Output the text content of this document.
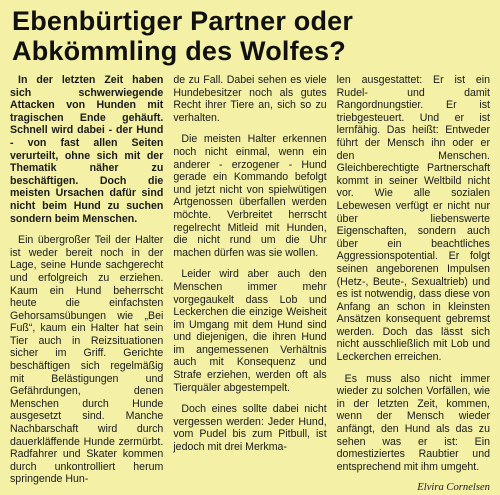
Ebenbürtiger Partner oder
Abkömmling des Wolfes?

In der letzten Zeit haben sich schwerwiegende Attacken von Hunden mit tragischen Ende gehäuft. Schnell wird dabei - der Hund - von fast allen Seiten verurteilt, ohne sich mit der Thematik näher zu beschäftigen. Doch die meisten Ursachen dafür sind nicht beim Hund zu suchen sondern beim Menschen.

Ein übergroßer Teil der Halter ist weder bereit noch in der Lage, seine Hunde sachgerecht und erfolgreich zu erziehen. Kaum ein Hund beherrscht heute die einfachsten Gehorsamsübungen wie „Bei Fuß“, kaum ein Halter hat sein Tier auch in Reizsituationen sicher im Griff. Gerichte beschäftigen sich regelmäßig mit Belästigungen und Gefährdungen, denen Menschen durch Hunde ausgesetzt sind. Manche Nachbarschaft wird durch dauerkläffende Hunde zermürbt. Radfahrer und Skater kommen durch unkontrolliert herum springende Hun-

de zu Fall. Dabei sehen es viele Hundebesitzer noch als gutes Recht ihrer Tiere an, sich so zu verhalten.

Die meisten Halter erkennen noch nicht einmal, wenn ein anderer - erzogener - Hund gerade ein Kommando befolgt und jetzt nicht von spielwütigen Artgenossen überfallen werden möchte. Verbreitet herrscht regelrecht Mitleid mit Hunden, die nicht rund um die Uhr machen dürfen was sie wollen.

Leider wird aber auch den Menschen immer mehr vorgegaukelt dass Lob und Leckerchen die einzige Weisheit im Umgang mit dem Hund sind und diejenigen, die ihren Hund im angemessenen Verhältnis auch mit Konsequenz und Strafe erziehen, werden oft als Tierquäler abgestempelt.

Doch eines sollte dabei nicht vergessen werden: Jeder Hund, vom Pudel bis zum Pitbull, ist jedoch mit drei Merkma-

len ausgestattet: Er ist ein Rudel- und damit Rangordnungstier. Er ist triebgesteuert. Und er ist lernfähig. Das heißt: Entweder führt der Mensch ihn oder er den Menschen. Gleichberechtigte Partnerschaft kommt in seiner Weltbild nicht vor. Wie alle sozialen Lebewesen verfügt er nicht nur über liebenswerte Eigenschaften, sondern auch über ein beachtliches Aggressionspotential. Er folgt seinen angeborenen Impulsen (Hetz-, Beute-, Sexualtrieb) und es ist notwendig, dass diese von Anfang an schon in kleinsten Ansätzen konsequent gebremst werden. Doch das lässt sich nicht ausschließlich mit Lob und Leckerchen erreichen.

Es muss also nicht immer wieder zu solchen Vorfällen, wie in der letzten Zeit, kommen, wenn der Mensch wieder anfängt, den Hund als das zu sehen was er ist: Ein domestiziertes Raubtier und entsprechend mit ihm umgeht.

Elvira Cornelsen
